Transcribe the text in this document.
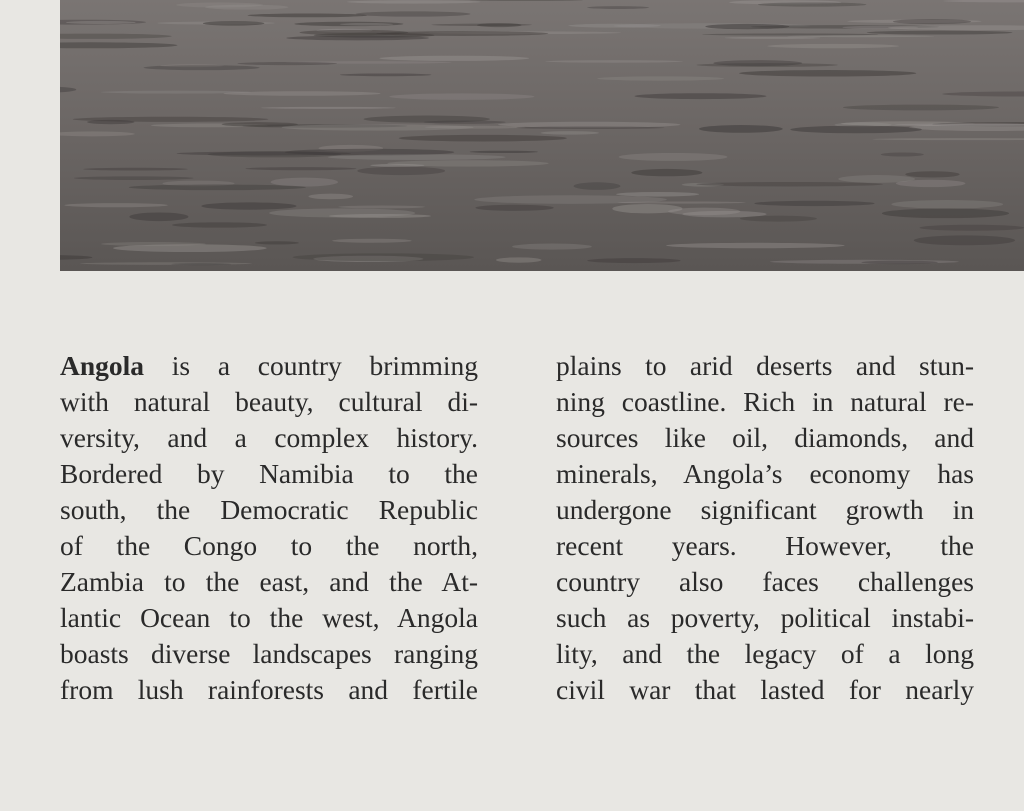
Angola is a country brimming
with natural beauty, cultural di-
versity, and a complex history.
Bordered by Namibia to the
south, the Democratic Republic
of the Congo to the north,
Zambia to the east, and the At-
lantic Ocean to the west, Angola
boasts diverse landscapes ranging
from lush rainforests and fertile
plains to arid deserts and stun-
ning coastline. Rich in natural re-
sources like oil, diamonds, and
minerals, Angola’s economy has
undergone significant growth in
recent years. However, the
country also faces challenges
such as poverty, political instabi-
lity, and the legacy of a long
civil war that lasted for nearly
